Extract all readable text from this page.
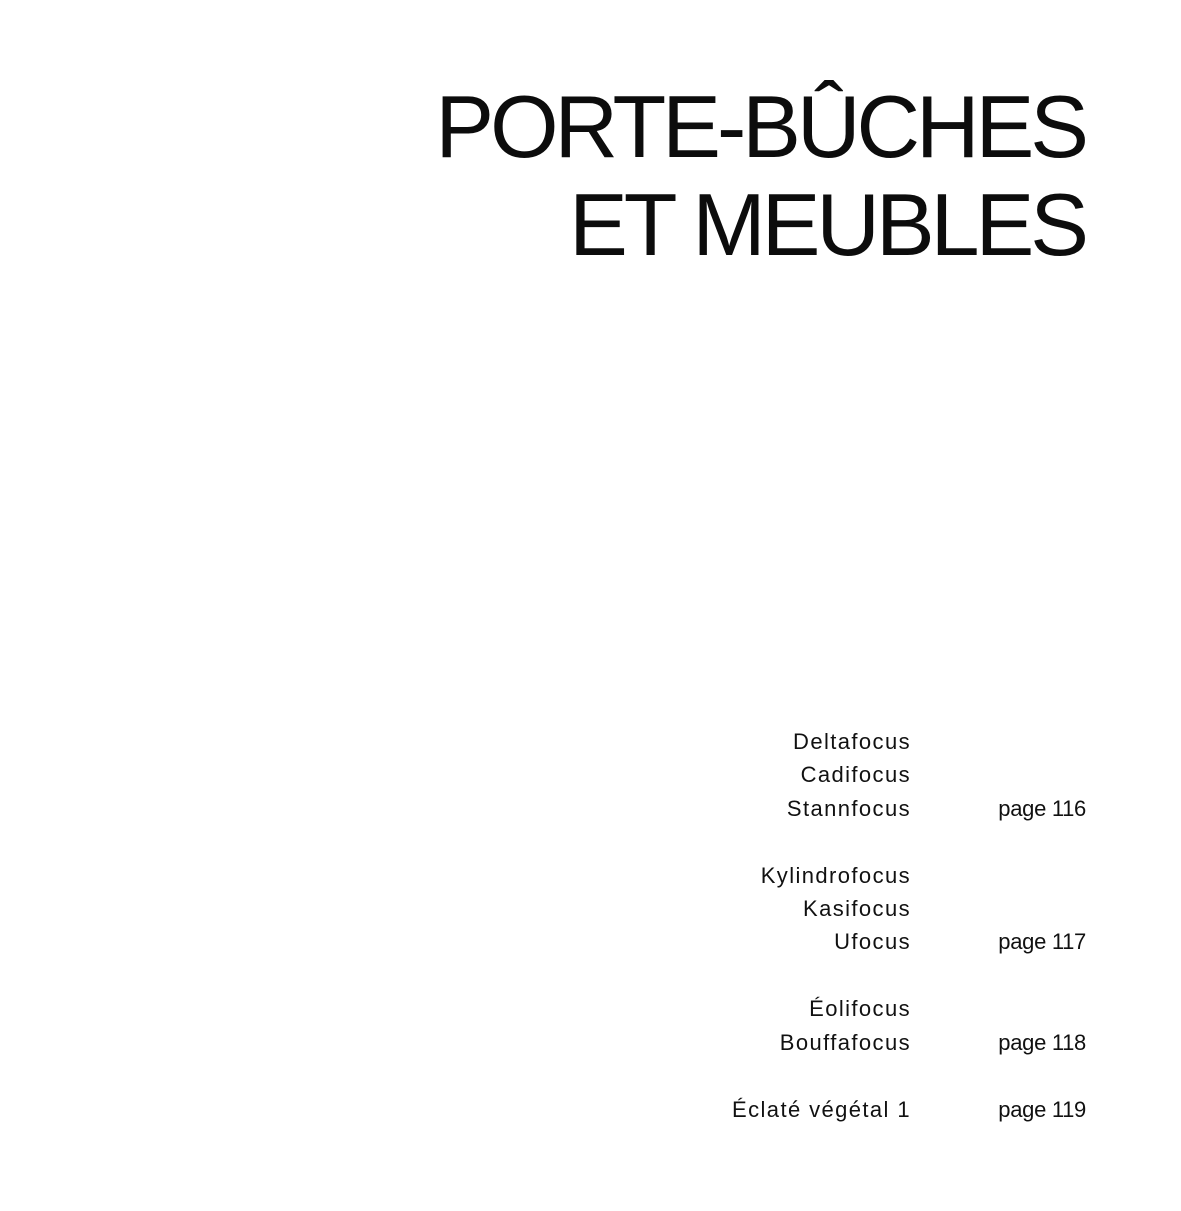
PORTE-BÛCHES
ET MEUBLES
Deltafocus
Cadifocus
Stannfocus	page 116
Kylindrofocus
Kasifocus
Ufocus	page 117
Éolifocus
Bouffafocus	page 118
Éclaté végétal 1	page 119
